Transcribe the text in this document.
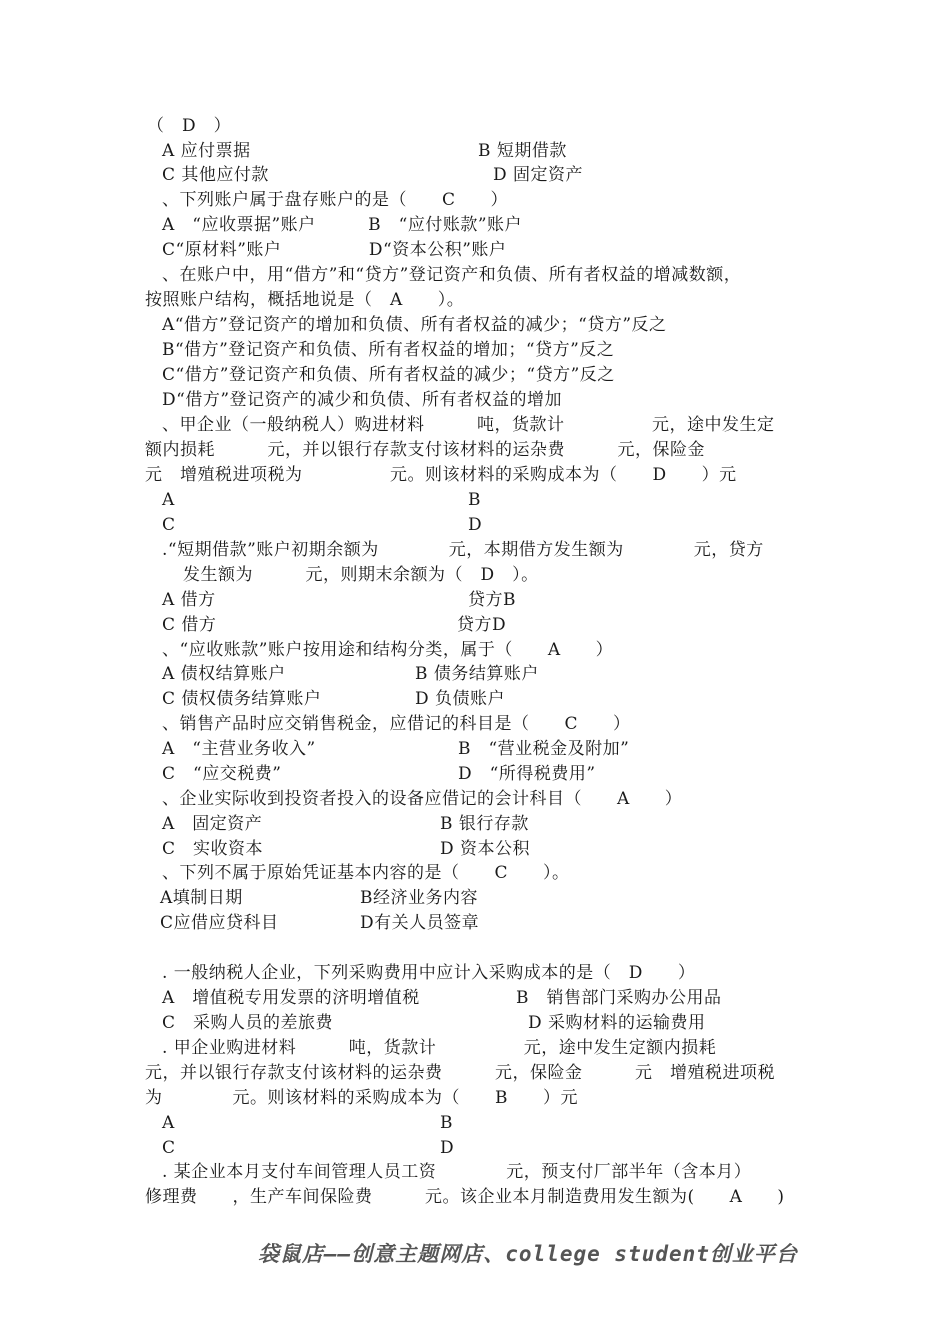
（　D　）
A 应付票据	B 短期借款
C 其他应付款	D 固定资产
、下列账户属于盘存账户的是（　　C　　）
A　“应收票据”账户　　　B　“应付账款”账户
C“原材料”账户　　　　　D“资本公积”账户
、在账户中，用“借方”和“贷方”登记资产和负债、所有者权益的增减数额，
按照账户结构，概括地说是（　A　　）。
A“借方”登记资产的增加和负债、所有者权益的减少；“贷方”反之
B“借方”登记资产和负债、所有者权益的增加；“贷方”反之
C“借方”登记资产和负债、所有者权益的减少；“贷方”反之
D“借方”登记资产的减少和负债、所有者权益的增加
、甲企业（一般纳税人）购进材料　　　吨，货款计　　　　　元，途中发生定
额内损耗　　　元，并以银行存款支付该材料的运杂费　　　元，保险金
元　增殖税进项税为　　　　　元。则该材料的采购成本为（　　D　　）元
A	B
C	D
.“短期借款”账户初期余额为　　　　元，本期借方发生额为　　　　元，贷方
发生额为　　　元，则期末余额为（　D　）。
A 借方	贷方B
C 借方	贷方D
、“应收账款”账户按用途和结构分类，属于（　　A　　）
A 债权结算账户	B 债务结算账户
C 债权债务结算账户	D 负债账户
、销售产品时应交销售税金，应借记的科目是（　　C　　）
A　“主营业务收入”	B　“营业税金及附加”
C　“应交税费”	D　“所得税费用”
、企业实际收到投资者投入的设备应借记的会计科目（　　A　　）
A　固定资产	B 银行存款
C　实收资本	D 资本公积
、下列不属于原始凭证基本内容的是（　　C　　）。
A填制日期	B经济业务内容
C应借应贷科目	D有关人员签章
. 一般纳税人企业，下列采购费用中应计入采购成本的是（　D　　）
A　增值税专用发票的济明增值税	B　销售部门采购办公用品
C　采购人员的差旅费	D 采购材料的运输费用
. 甲企业购进材料　　　吨，货款计　　　　　元，途中发生定额内损耗
元，并以银行存款支付该材料的运杂费　　　元，保险金　　　元　增殖税进项税
为　　　　元。则该材料的采购成本为（　　B　　）元
A	B
C	D
. 某企业本月支付车间管理人员工资　　　　元，预支付厂部半年（含本月）
修理费　　，生产车间保险费　　　元。该企业本月制造费用发生额为(　　A　　)
袋鼠店——创意主题网店、college student创业平台
